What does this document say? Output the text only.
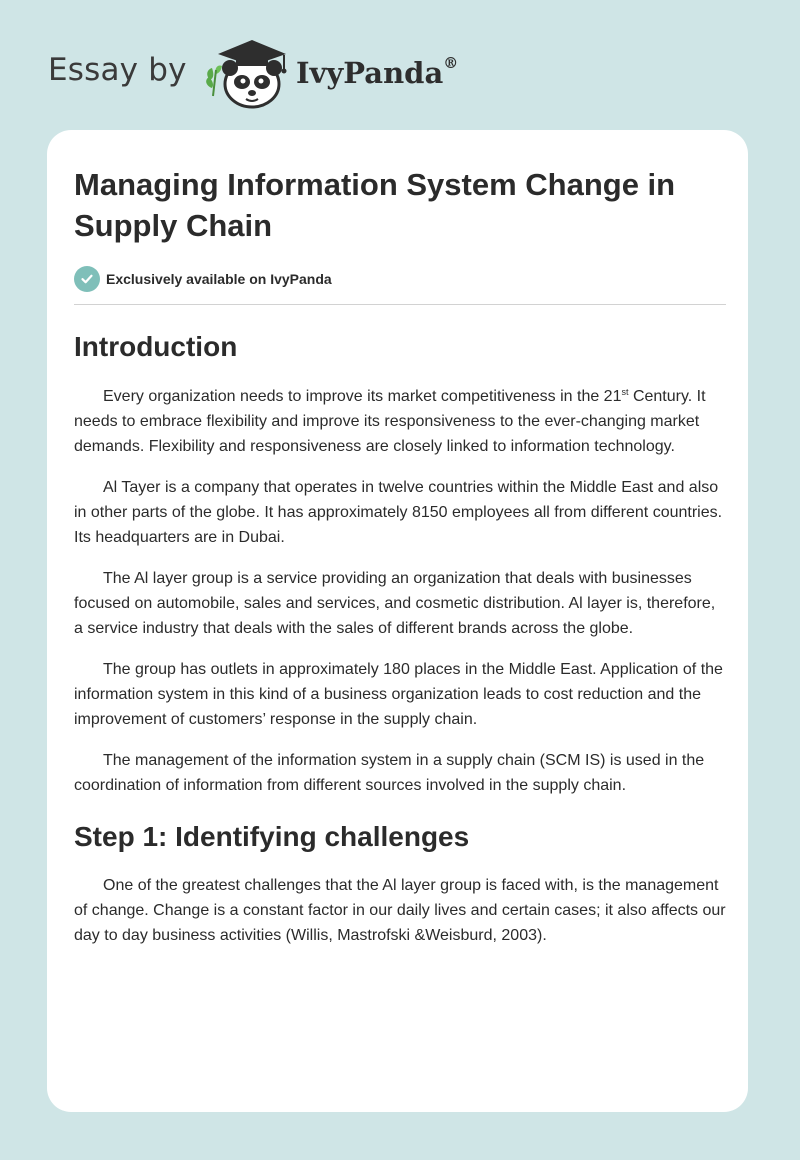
Essay by	IvyPanda®
Managing Information System Change in Supply Chain
Exclusively available on IvyPanda
Introduction

Every organization needs to improve its market competitiveness in the 21st Century. It needs to embrace flexibility and improve its responsiveness to the ever-changing market demands. Flexibility and responsiveness are closely linked to information technology.

Al Tayer is a company that operates in twelve countries within the Middle East and also in other parts of the globe. It has approximately 8150 employees all from different countries. Its headquarters are in Dubai.

The Al layer group is a service providing an organization that deals with businesses focused on automobile, sales and services, and cosmetic distribution. Al layer is, therefore, a service industry that deals with the sales of different brands across the globe.

The group has outlets in approximately 180 places in the Middle East. Application of the information system in this kind of a business organization leads to cost reduction and the improvement of customers’ response in the supply chain.

The management of the information system in a supply chain (SCM IS) is used in the coordination of information from different sources involved in the supply chain.

Step 1: Identifying challenges

One of the greatest challenges that the Al layer group is faced with, is the management of change. Change is a constant factor in our daily lives and certain cases; it also affects our day to day business activities (Willis, Mastrofski &Weisburd, 2003).
